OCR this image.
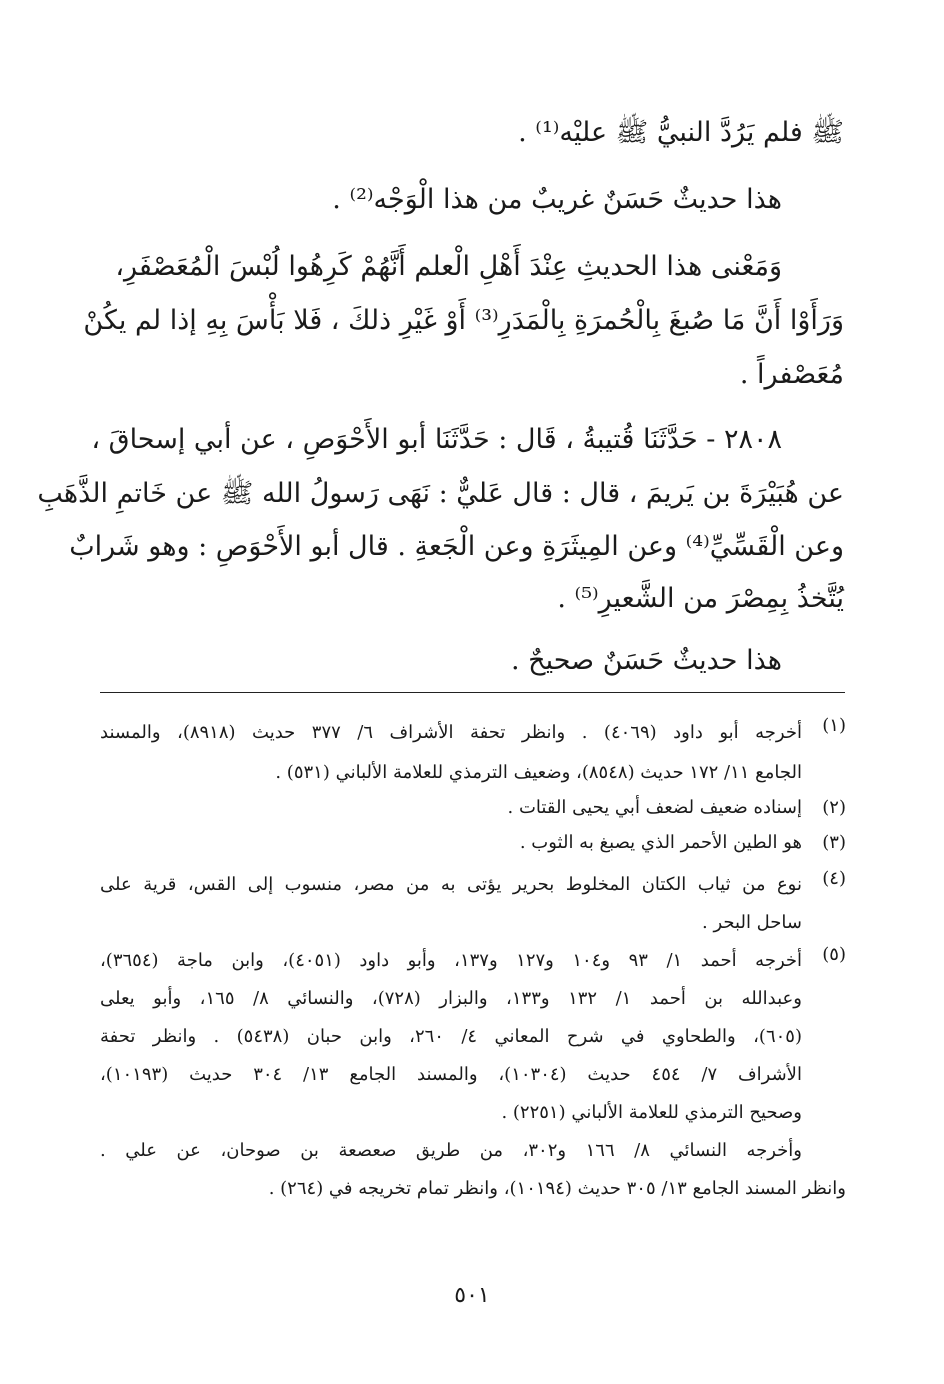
ﷺ فلم يَرُدَّ النبيُّ ﷺ عليْه⁽¹⁾ .
هذا حديثٌ حَسَنٌ غريبٌ من هذا الْوَجْه⁽²⁾ .
وَمَعْنى هذا الحديثِ عِنْدَ أَهْلِ الْعلم أَنَّهُمْ كَرِهُوا لُبْسَ الْمُعَصْفَرِ،
وَرَأَوْا أَنَّ مَا صُبغَ بِالْحُمرَةِ بِالْمَدَرِ⁽³⁾ أَوْ غَيْرِ ذلكَ ، فَلا بَأْسَ بِهِ إذا لم يكُنْ
مُعَصْفراً .
٢٨٠٨ - حَدَّثَنَا قُتيبةُ ، قَال : حَدَّثَنَا أبو الأَحْوَصِ ، عن أبي إسحاقَ ،
عن هُبَيْرَةَ بن يَريمَ ، قال : قال عَليٌّ : نَهَى رَسولُ الله ﷺ عن خَاتمِ الذَّهَبِ
وعن الْقَسِّيِّ⁽⁴⁾ وعن المِيثَرَةِ وعن الْجَعةِ . قال أبو الأَحْوَصِ : وهو شَرابٌ
يُتَّخذُ بِمِصْرَ من الشَّعيرِ⁽⁵⁾ .
هذا حديثٌ حَسَنٌ صحيحٌ .
(١)
أخرجه أبو داود (٤٠٦٩) . وانظر تحفة الأشراف ٦/ ٣٧٧ حديث (٨٩١٨)، والمسند
الجامع ١١/ ١٧٢ حديث (٨٥٤٨)، وضعيف الترمذي للعلامة الألباني (٥٣١) .
(٢)
إسناده ضعيف لضعف أبي يحيى القتات .
(٣)
هو الطين الأحمر الذي يصبغ به الثوب .
(٤)
نوع من ثياب الكتان المخلوط بحرير يؤتى به من مصر، منسوب إلى القس، قرية على
ساحل البحر .
(٥)
أخرجه أحمد ١/ ٩٣ و١٠٤ و١٢٧ و١٣٧، وأبو داود (٤٠٥١)، وابن ماجة (٣٦٥٤)،
وعبدالله بن أحمد ١/ ١٣٢ و١٣٣، والبزار (٧٢٨)، والنسائي ٨/ ١٦٥، وأبو يعلى
(٦٠٥)، والطحاوي في شرح المعاني ٤/ ٢٦٠، وابن حبان (٥٤٣٨) . وانظر تحفة
الأشراف ٧/ ٤٥٤ حديث (١٠٣٠٤)، والمسند الجامع ١٣/ ٣٠٤ حديث (١٠١٩٣)،
وصحيح الترمذي للعلامة الألباني (٢٢٥١) .
وأخرجه النسائي ٨/ ١٦٦ و٣٠٢، من طريق صعصعة بن صوحان، عن علي .
وانظر المسند الجامع ١٣/ ٣٠٥ حديث (١٠١٩٤)، وانظر تمام تخريجه في (٢٦٤) .
٥٠١
